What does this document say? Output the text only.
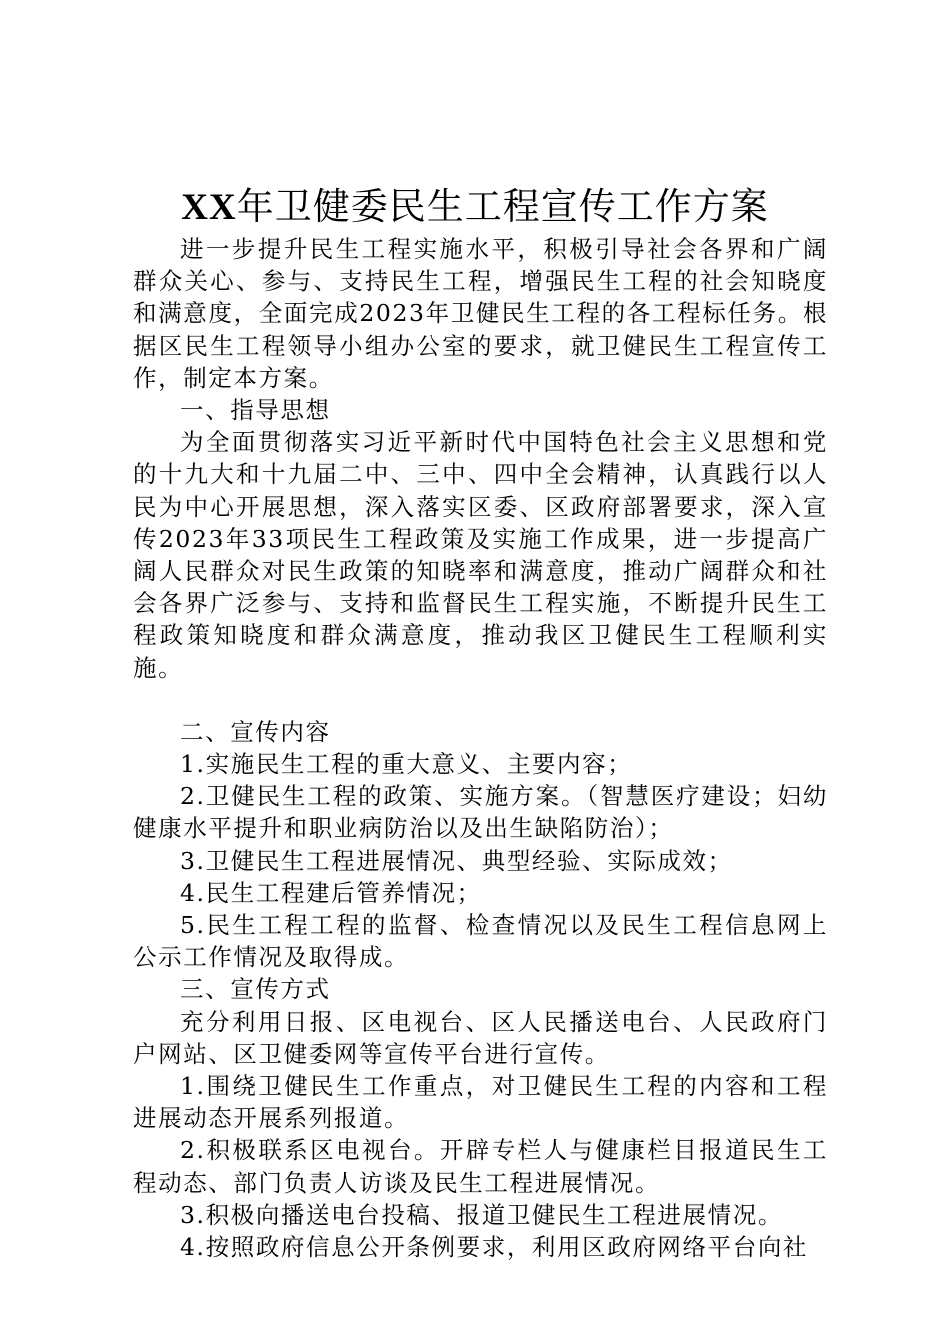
XX年卫健委民生工程宣传工作方案

进一步提升民生工程实施水平，积极引导社会各界和广阔群众关心、参与、支持民生工程，增强民生工程的社会知晓度和满意度，全面完成2023年卫健民生工程的各工程标任务。根据区民生工程领导小组办公室的要求，就卫健民生工程宣传工作，制定本方案。

一、指导思想

为全面贯彻落实习近平新时代中国特色社会主义思想和党的十九大和十九届二中、三中、四中全会精神，认真践行以人民为中心开展思想，深入落实区委、区政府部署要求，深入宣传2023年33项民生工程政策及实施工作成果，进一步提高广阔人民群众对民生政策的知晓率和满意度，推动广阔群众和社会各界广泛参与、支持和监督民生工程实施，不断提升民生工程政策知晓度和群众满意度，推动我区卫健民生工程顺利实施。

二、宣传内容

1.实施民生工程的重大意义、主要内容；

2.卫健民生工程的政策、实施方案。（智慧医疗建设；妇幼健康水平提升和职业病防治以及出生缺陷防治）；

3.卫健民生工程进展情况、典型经验、实际成效；

4.民生工程建后管养情况；

5.民生工程工程的监督、检查情况以及民生工程信息网上公示工作情况及取得成。

三、宣传方式

充分利用日报、区电视台、区人民播送电台、人民政府门户网站、区卫健委网等宣传平台进行宣传。

1.围绕卫健民生工作重点，对卫健民生工程的内容和工程进展动态开展系列报道。

2.积极联系区电视台。开辟专栏人与健康栏目报道民生工程动态、部门负责人访谈及民生工程进展情况。

3.积极向播送电台投稿、报道卫健民生工程进展情况。

4.按照政府信息公开条例要求，利用区政府网络平台向社
